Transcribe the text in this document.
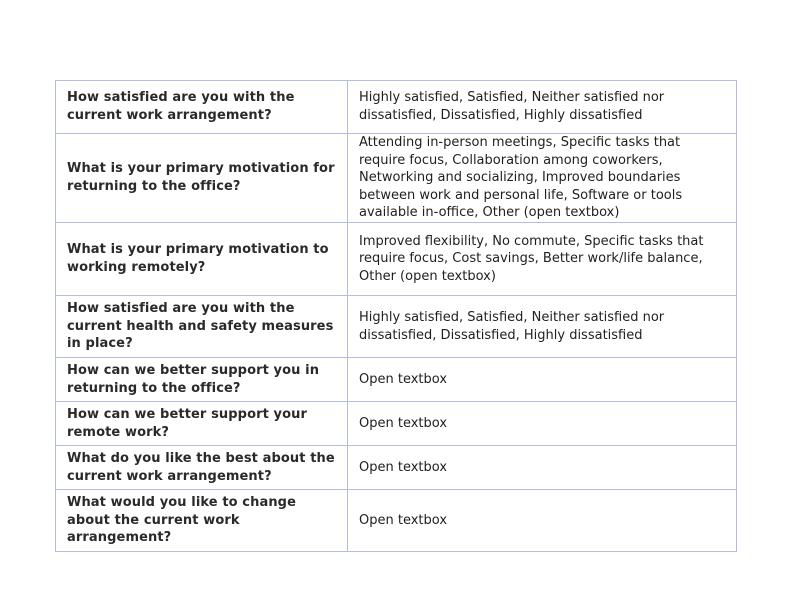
How satisfied are you with the current work arrangement?	Highly satisfied, Satisfied, Neither satisfied nor dissatisfied, Dissatisfied, Highly dissatisfied
What is your primary motivation for returning to the office?	Attending in-person meetings, Specific tasks that require focus, Collaboration among coworkers, Networking and socializing, Improved boundaries between work and personal life, Software or tools available in-office, Other (open textbox)
What is your primary motivation to working remotely?	Improved flexibility, No commute, Specific tasks that require focus, Cost savings, Better work/life balance, Other (open textbox)
How satisfied are you with the current health and safety measures in place?	Highly satisfied, Satisfied, Neither satisfied nor dissatisfied, Dissatisfied, Highly dissatisfied
How can we better support you in returning to the office?	Open textbox
How can we better support your remote work?	Open textbox
What do you like the best about the current work arrangement?	Open textbox
What would you like to change about the current work arrangement?	Open textbox
